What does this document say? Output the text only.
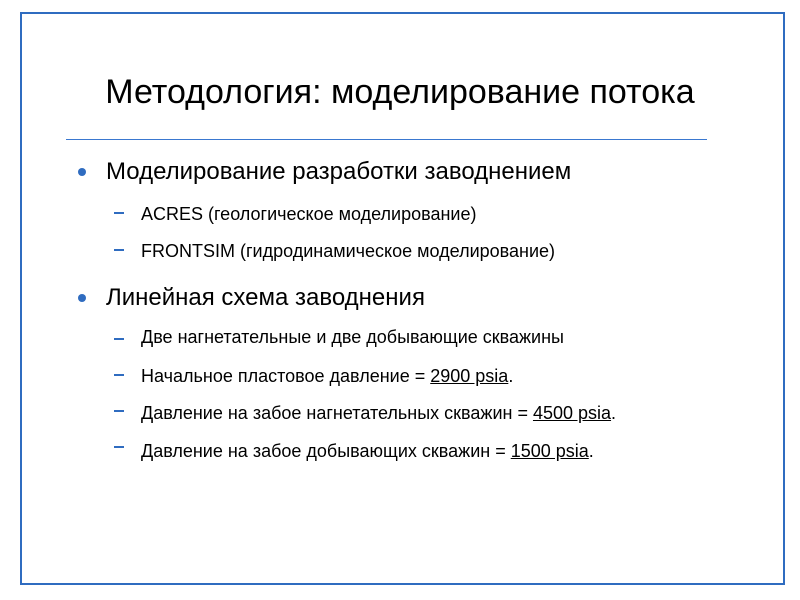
Методология: моделирование потока
Моделирование разработки заводнением
ACRES (геологическое моделирование)
FRONTSIM (гидродинамическое моделирование)
Линейная схема заводнения
Две нагнетательные и две добывающие скважины
Начальное пластовое давление = 2900 psia.
Давление на забое нагнетательных скважин = 4500 psia.
Давление на забое добывающих скважин = 1500 psia.
